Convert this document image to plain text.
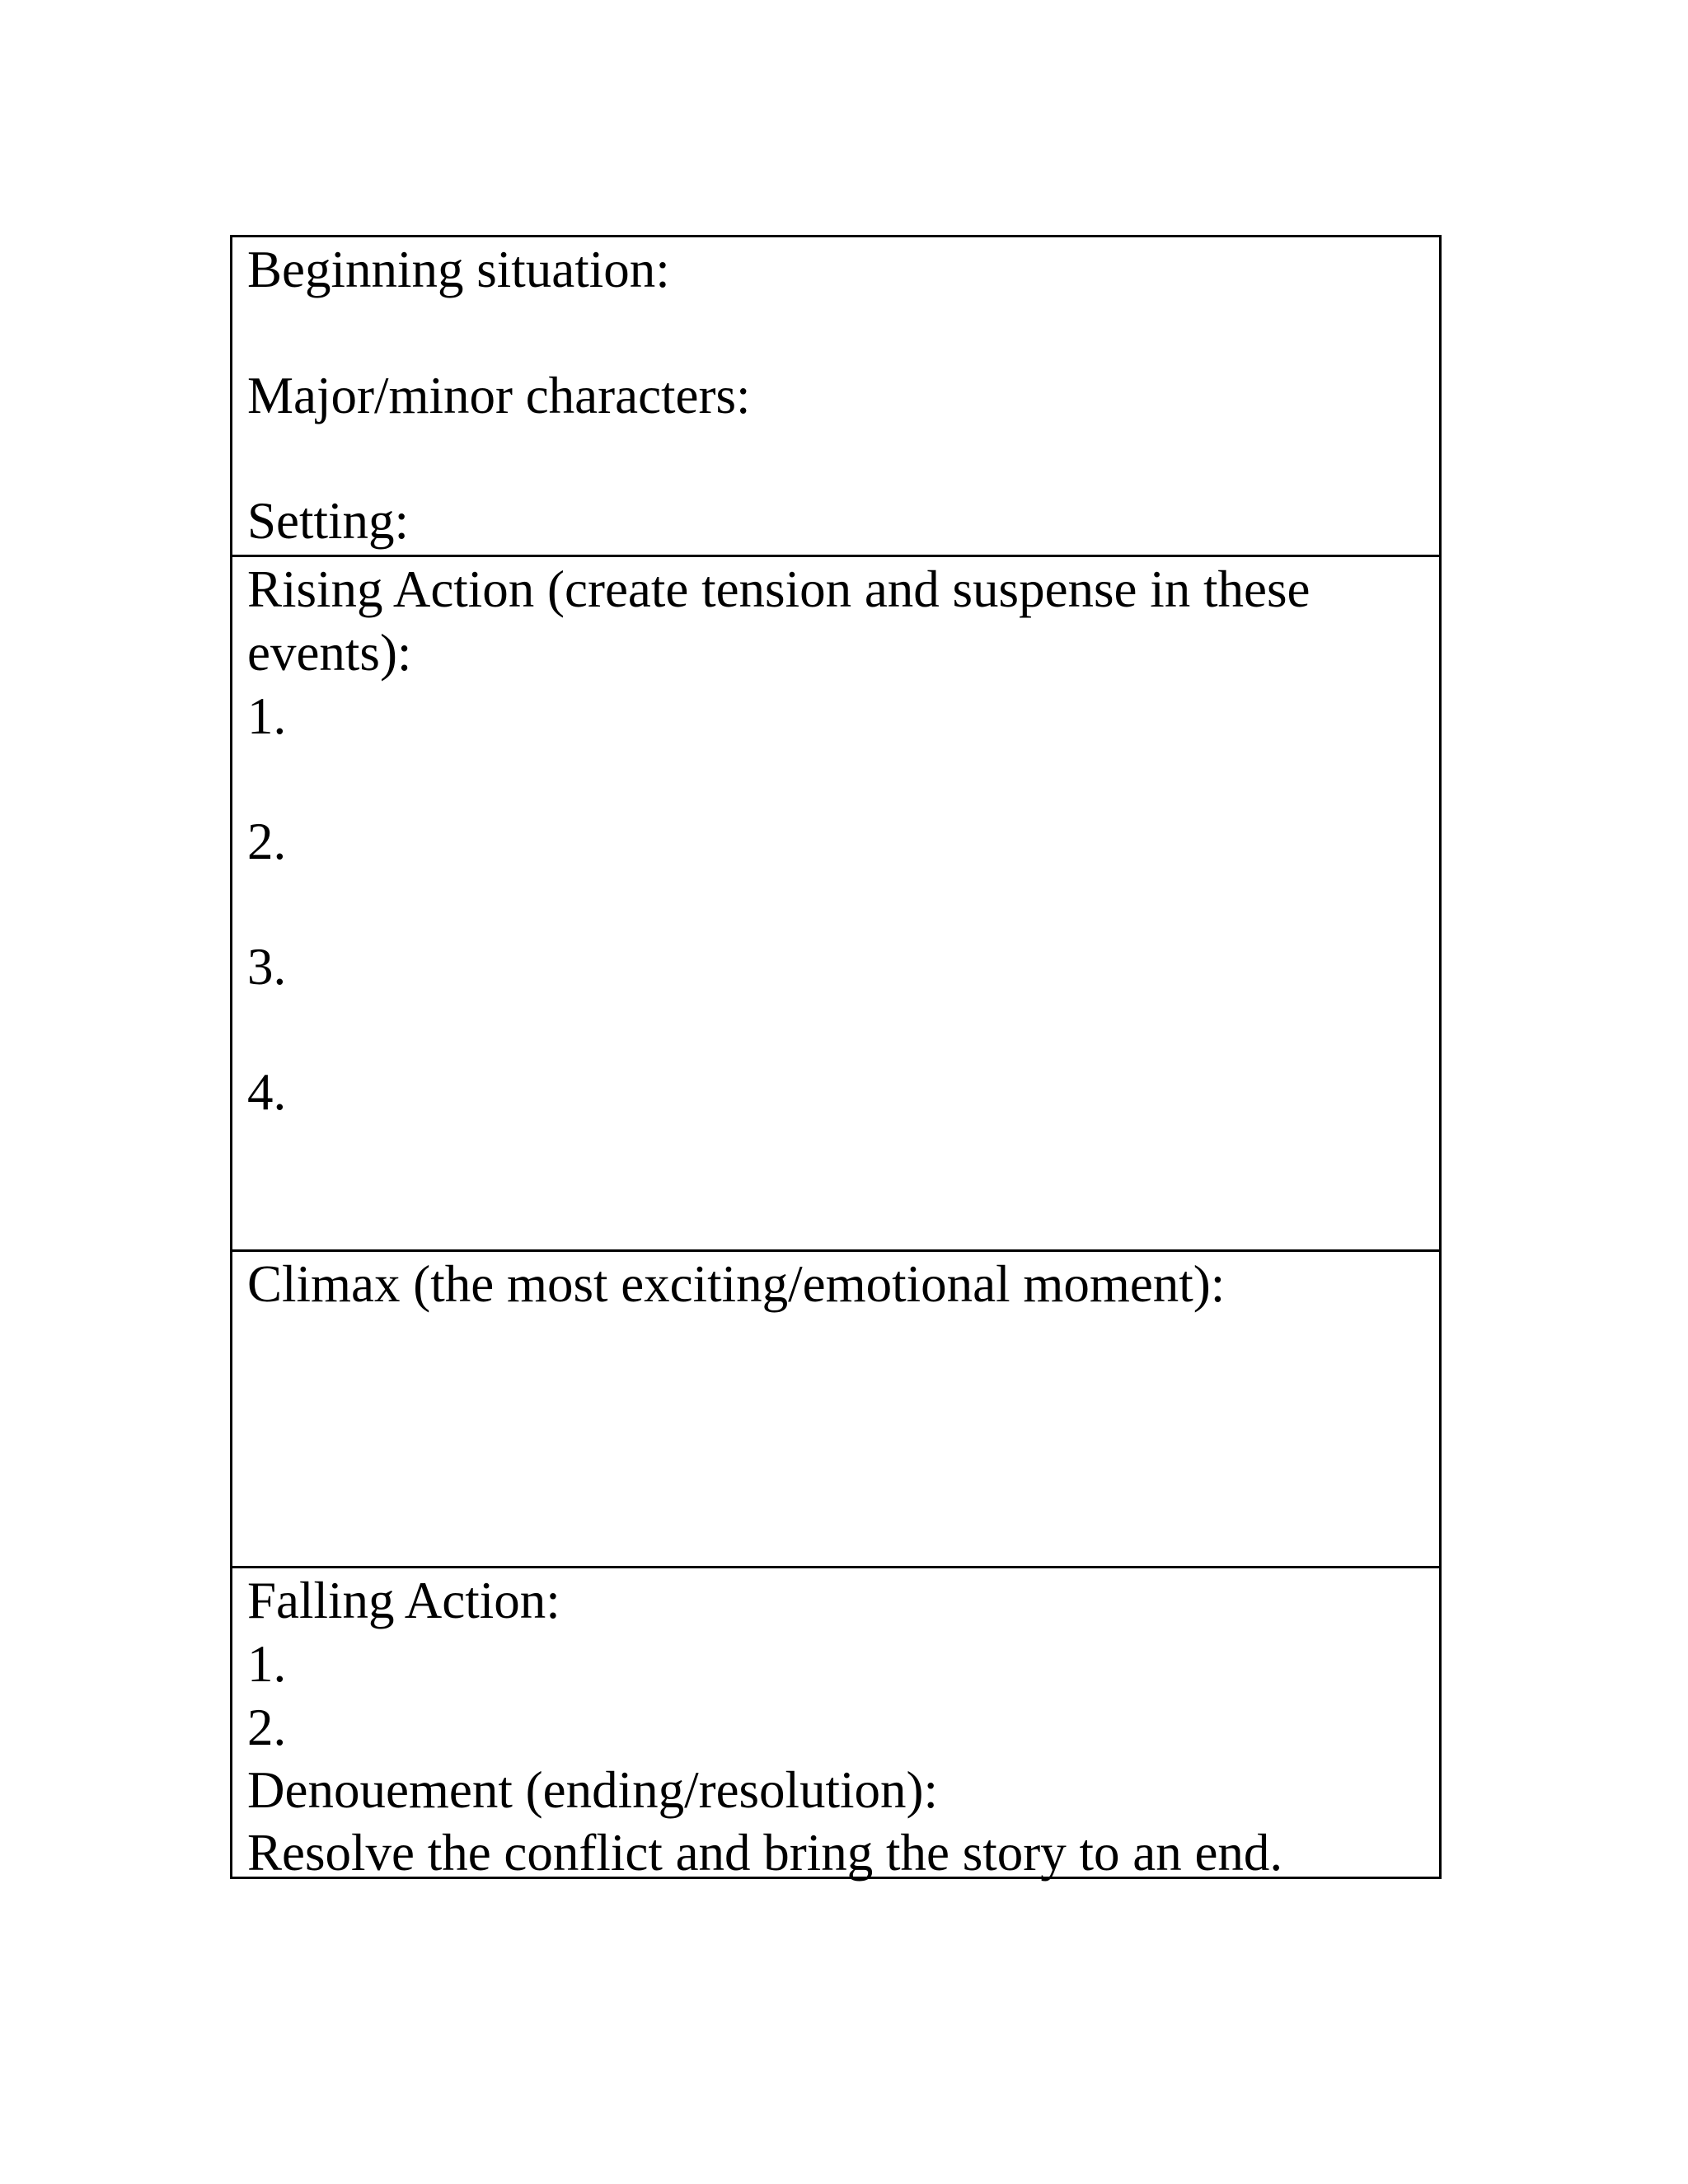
Beginning situation:
Major/minor characters:
Setting:
Rising Action (create tension and suspense in these
events):
1.
2.
3.
4.
Climax (the most exciting/emotional moment):
Falling Action:
1.
2.
Denouement (ending/resolution):
Resolve the conflict and bring the story to an end.
